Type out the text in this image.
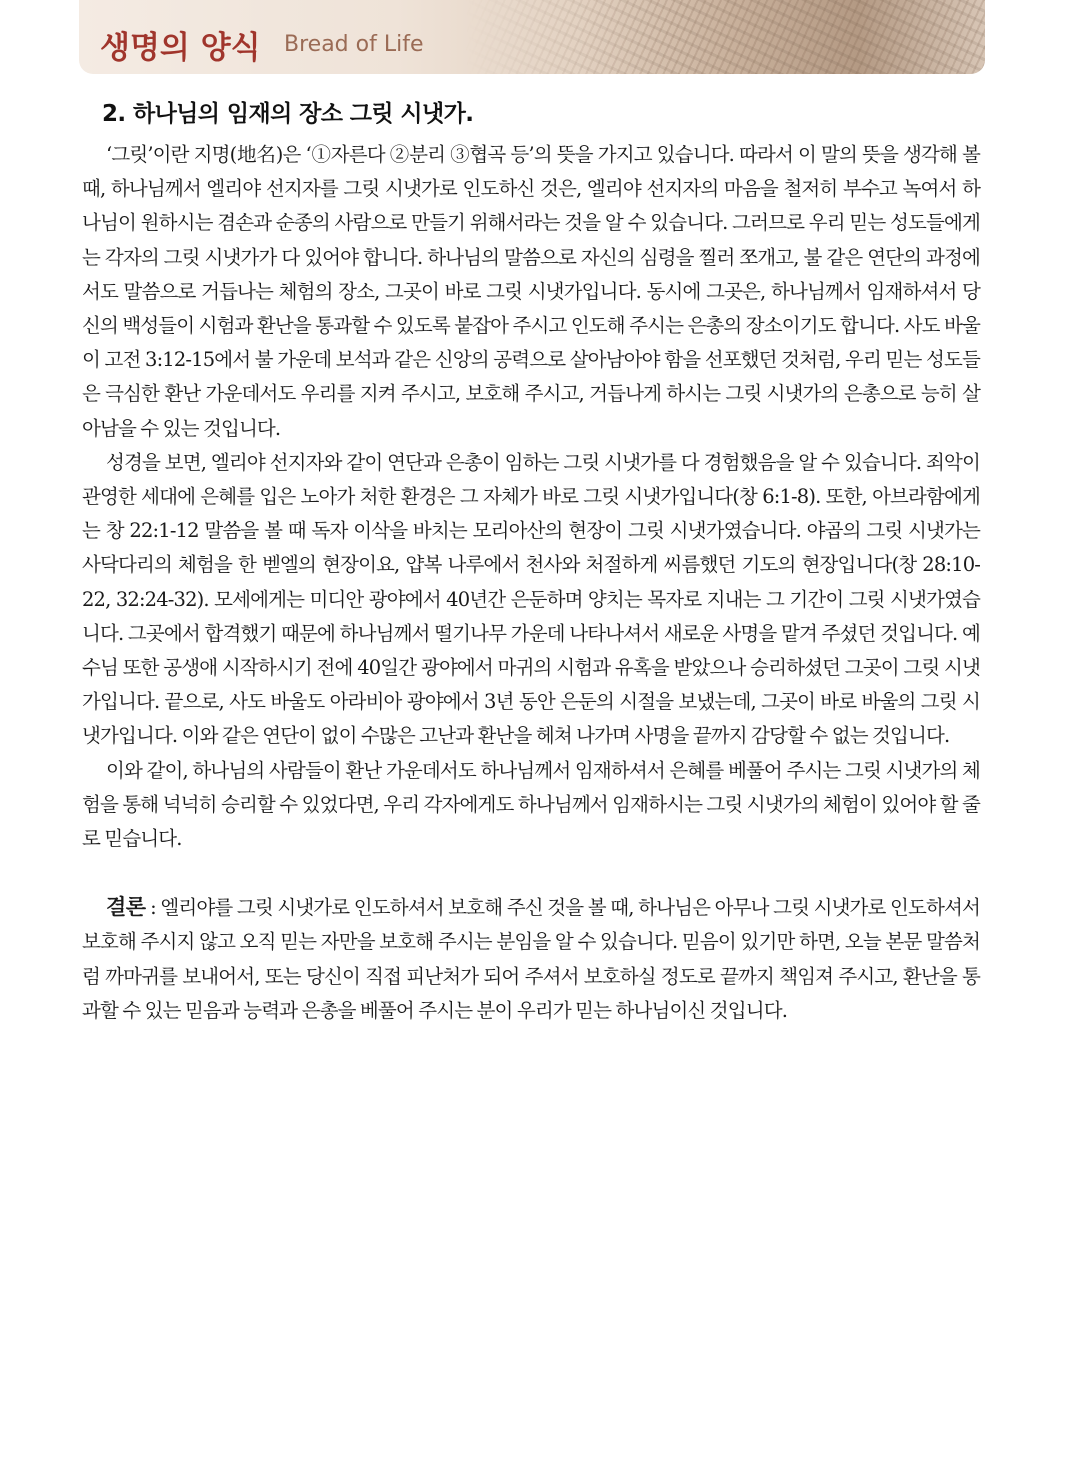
생명의 양식 Bread of Life
2. 하나님의 임재의 장소 그릿 시냇가.

‘그릿’이란 지명(地名)은 ‘①자른다 ②분리 ③협곡 등’의 뜻을 가지고 있습니다. 따라서 이 말의 뜻을 생각해 볼 때, 하나님께서 엘리야 선지자를 그릿 시냇가로 인도하신 것은, 엘리야 선지자의 마음을 철저히 부수고 녹여서 하나님이 원하시는 겸손과 순종의 사람으로 만들기 위해서라는 것을 알 수 있습니다. 그러므로 우리 믿는 성도들에게는 각자의 그릿 시냇가가 다 있어야 합니다. 하나님의 말씀으로 자신의 심령을 찔러 쪼개고, 불 같은 연단의 과정에서도 말씀으로 거듭나는 체험의 장소, 그곳이 바로 그릿 시냇가입니다. 동시에 그곳은, 하나님께서 임재하셔서 당신의 백성들이 시험과 환난을 통과할 수 있도록 붙잡아 주시고 인도해 주시는 은총의 장소이기도 합니다. 사도 바울이 고전 3:12-15에서 불 가운데 보석과 같은 신앙의 공력으로 살아남아야 함을 선포했던 것처럼, 우리 믿는 성도들은 극심한 환난 가운데서도 우리를 지켜 주시고, 보호해 주시고, 거듭나게 하시는 그릿 시냇가의 은총으로 능히 살아남을 수 있는 것입니다.

성경을 보면, 엘리야 선지자와 같이 연단과 은총이 임하는 그릿 시냇가를 다 경험했음을 알 수 있습니다. 죄악이 관영한 세대에 은혜를 입은 노아가 처한 환경은 그 자체가 바로 그릿 시냇가입니다(창 6:1-8). 또한, 아브라함에게는 창 22:1-12 말씀을 볼 때 독자 이삭을 바치는 모리아산의 현장이 그릿 시냇가였습니다. 야곱의 그릿 시냇가는 사닥다리의 체험을 한 벧엘의 현장이요, 얍복 나루에서 천사와 처절하게 씨름했던 기도의 현장입니다(창 28:10-22, 32:24-32). 모세에게는 미디안 광야에서 40년간 은둔하며 양치는 목자로 지내는 그 기간이 그릿 시냇가였습니다. 그곳에서 합격했기 때문에 하나님께서 떨기나무 가운데 나타나셔서 새로운 사명을 맡겨 주셨던 것입니다. 예수님 또한 공생애 시작하시기 전에 40일간 광야에서 마귀의 시험과 유혹을 받았으나 승리하셨던 그곳이 그릿 시냇가입니다. 끝으로, 사도 바울도 아라비아 광야에서 3년 동안 은둔의 시절을 보냈는데, 그곳이 바로 바울의 그릿 시냇가입니다. 이와 같은 연단이 없이 수많은 고난과 환난을 헤쳐 나가며 사명을 끝까지 감당할 수 없는 것입니다.

이와 같이, 하나님의 사람들이 환난 가운데서도 하나님께서 임재하셔서 은혜를 베풀어 주시는 그릿 시냇가의 체험을 통해 넉넉히 승리할 수 있었다면, 우리 각자에게도 하나님께서 임재하시는 그릿 시냇가의 체험이 있어야 할 줄로 믿습니다.

결론 : 엘리야를 그릿 시냇가로 인도하셔서 보호해 주신 것을 볼 때, 하나님은 아무나 그릿 시냇가로 인도하셔서 보호해 주시지 않고 오직 믿는 자만을 보호해 주시는 분임을 알 수 있습니다. 믿음이 있기만 하면, 오늘 본문 말씀처럼 까마귀를 보내어서, 또는 당신이 직접 피난처가 되어 주셔서 보호하실 정도로 끝까지 책임져 주시고, 환난을 통과할 수 있는 믿음과 능력과 은총을 베풀어 주시는 분이 우리가 믿는 하나님이신 것입니다.
